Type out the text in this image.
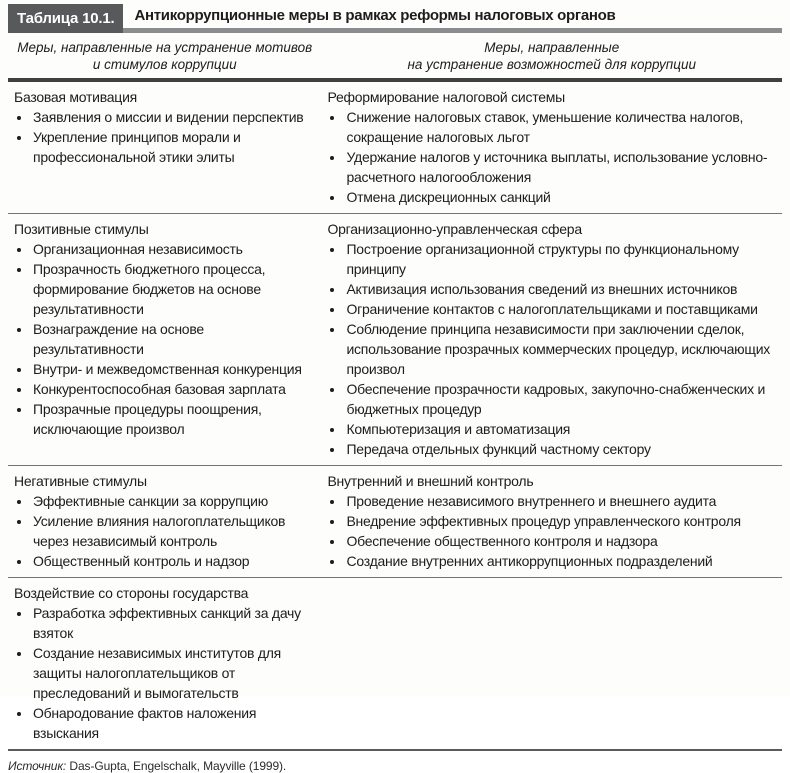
Таблица 10.1.	Антикоррупционные меры в рамках реформы налоговых органов
Меры, направленные на устранение мотивов
и стимулов коррупции
Меры, направленные
на устранение возможностей для коррупции
Базовая мотивация
• Заявления о миссии и видении перспектив
• Укрепление принципов морали и профессиональной этики элиты
Реформирование налоговой системы
• Снижение налоговых ставок, уменьшение количества налогов, сокращение налоговых льгот
• Удержание налогов у источника выплаты, использование условно-расчетного налогообложения
• Отмена дискреционных санкций
Позитивные стимулы
• Организационная независимость
• Прозрачность бюджетного процесса, формирование бюджетов на основе результативности
• Вознаграждение на основе результативности
• Внутри- и межведомственная конкуренция
• Конкурентоспособная базовая зарплата
• Прозрачные процедуры поощрения, исключающие произвол
Организационно-управленческая сфера
• Построение организационной структуры по функциональному принципу
• Активизация использования сведений из внешних источников
• Ограничение контактов с налогоплательщиками и поставщиками
• Соблюдение принципа независимости при заключении сделок, использование прозрачных коммерческих процедур, исключающих произвол
• Обеспечение прозрачности кадровых, закупочно-снабженческих и бюджетных процедур
• Компьютеризация и автоматизация
• Передача отдельных функций частному сектору
Негативные стимулы
• Эффективные санкции за коррупцию
• Усиление влияния налогоплательщиков через независимый контроль
• Общественный контроль и надзор
Внутренний и внешний контроль
• Проведение независимого внутреннего и внешнего аудита
• Внедрение эффективных процедур управленческого контроля
• Обеспечение общественного контроля и надзора
• Создание внутренних антикоррупционных подразделений
Воздействие со стороны государства
• Разработка эффективных санкций за дачу взяток
• Создание независимых институтов для защиты налогоплательщиков от преследований и вымогательств
• Обнародование фактов наложения взыскания
Источник: Das-Gupta, Engelschalk, Mayville (1999).
